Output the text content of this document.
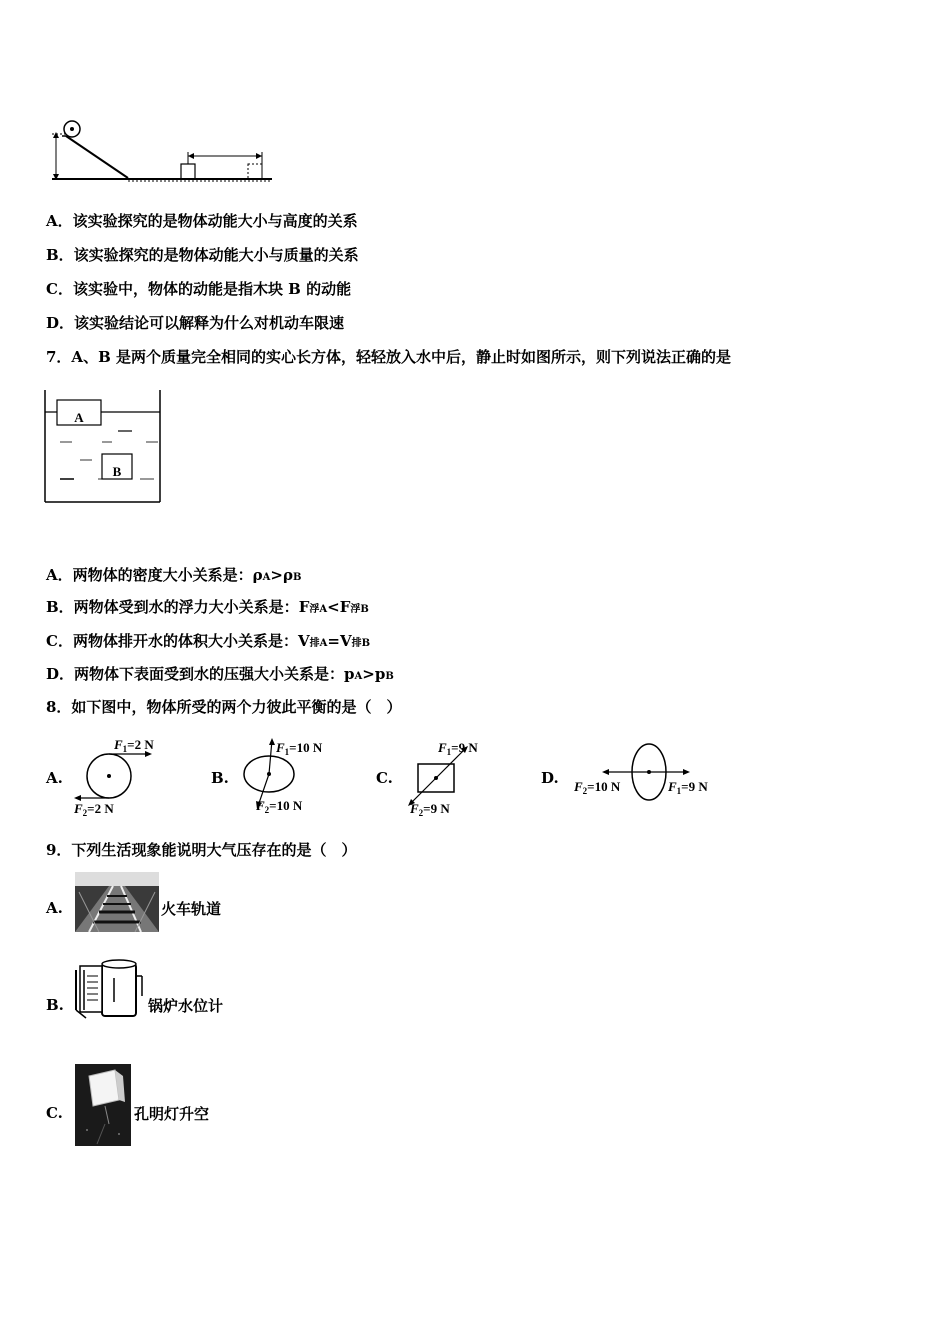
A．该实验探究的是物体动能大小与高度的关系
B．该实验探究的是物体动能大小与质量的关系
C．该实验中，物体的动能是指木块 B 的动能
D．该实验结论可以解释为什么对机动车限速
7．A、B 是两个质量完全相同的实心长方体，轻轻放入水中后，静止时如图所示，则下列说法正确的是
A
B
A．两物体的密度大小关系是：ρA>ρB
B．两物体受到水的浮力大小关系是：F浮A<F浮B
C．两物体排开水的体积大小关系是：V排A=V排B
D．两物体下表面受到水的压强大小关系是：pA>pB
8．如下图中，物体所受的两个力彼此平衡的是（　）
A.	B.	C.	D.
$F_1=2$ N
$F_2=2$ N
$F_1=10$ N
$F_2=10$ N
$F_1=9$ N
$F_2=9$ N
$F_2=10$ N	$F_1=9$ N
9．下列生活现象能说明大气压存在的是（　）
A.	火车轨道
B.	锅炉水位计
C.	孔明灯升空
